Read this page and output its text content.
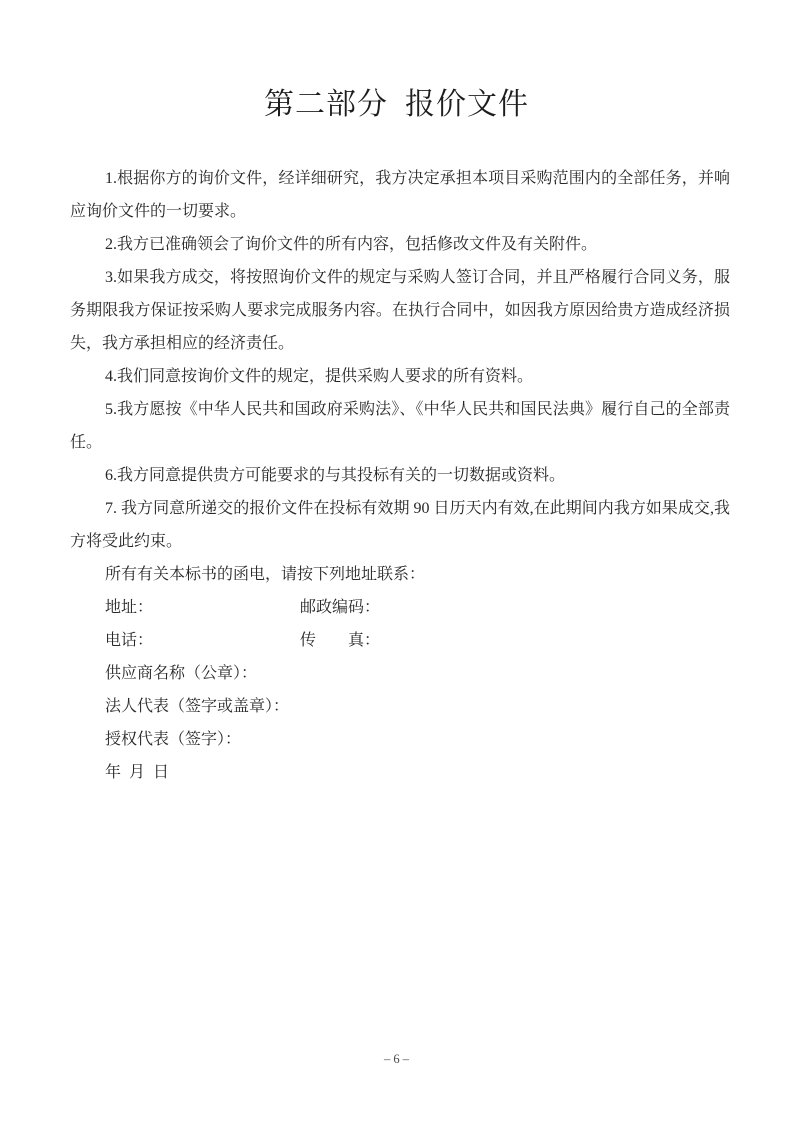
第二部分  报价文件

1.根据你方的询价文件，经详细研究，我方决定承担本项目采购范围内的全部任务，并响应询价文件的一切要求。

2.我方已准确领会了询价文件的所有内容，包括修改文件及有关附件。

3.如果我方成交，将按照询价文件的规定与采购人签订合同，并且严格履行合同义务，服务期限我方保证按采购人要求完成服务内容。在执行合同中，如因我方原因给贵方造成经济损失，我方承担相应的经济责任。

4.我们同意按询价文件的规定，提供采购人要求的所有资料。

5.我方愿按《中华人民共和国政府采购法》、《中华人民共和国民法典》履行自己的全部责任。

6.我方同意提供贵方可能要求的与其投标有关的一切数据或资料。

7. 我方同意所递交的报价文件在投标有效期 90 日历天内有效,在此期间内我方如果成交,我方将受此约束。

所有有关本标书的函电，请按下列地址联系：

地址：	邮政编码：

电话：	传　　真：

供应商名称（公章）：

法人代表（签字或盖章）：

授权代表（签字）：

年  月  日

– 6 –
